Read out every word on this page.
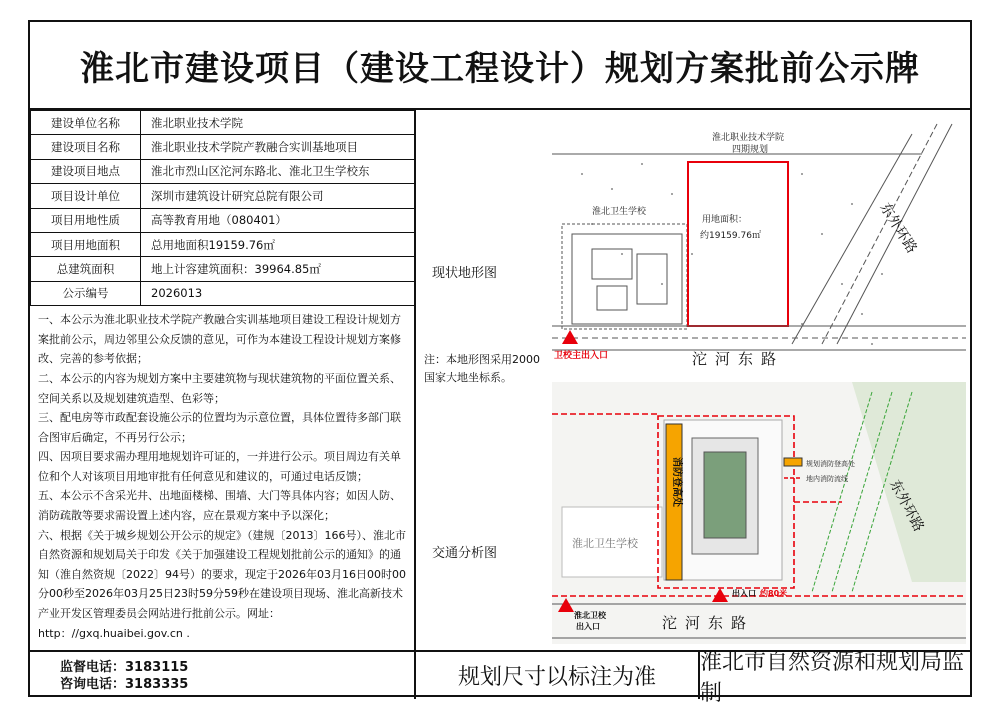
淮北市建设项目（建设工程设计）规划方案批前公示牌
建设单位名称	淮北职业技术学院
建设项目名称	淮北职业技术学院产教融合实训基地项目
建设项目地点	淮北市烈山区沱河东路北、淮北卫生学校东
项目设计单位	深圳市建筑设计研究总院有限公司
项目用地性质	高等教育用地（080401）
项目用地面积	总用地面积19159.76㎡
总建筑面积	地上计容建筑面积：39964.85㎡
公示编号	2026013

一、本公示为淮北职业技术学院产教融合实训基地项目建设工程设计规划方案批前公示，周边邻里公众反馈的意见，可作为本建设工程设计规划方案修改、完善的参考依据；

二、本公示的内容为规划方案中主要建筑物与现状建筑物的平面位置关系、空间关系以及规划建筑造型、色彩等；

三、配电房等市政配套设施公示的位置均为示意位置，具体位置待多部门联合图审后确定，不再另行公示；

四、因项目要求需办理用地规划许可证的，一并进行公示。项目周边有关单位和个人对该项目用地审批有任何意见和建议的，可通过电话反馈；

五、本公示不含采光井、出地面楼梯、围墙、大门等具体内容；如因人防、消防疏散等要求需设置上述内容，应在景观方案中予以深化；

六、根据《关于城乡规划公开公示的规定》（建规〔2013〕166号）、淮北市自然资源和规划局关于印发《关于加强建设工程规划批前公示的通知》的通知（淮自然资规〔2022〕94号）的要求，现定于2026年03月16日00时00分00秒至2026年03月25日23时59分59秒在建设项目现场、淮北高新技术产业开发区管理委员会网站进行批前公示。网址：http：//gxq.huaibei.gov.cn .

现状地形图
注：本地形图采用2000国家大地坐标系。
交通分析图
淮北卫生学校
淮北职业技术学院
四期规划
用地面积：
约19159.76㎡	东外环路
沱河东路
卫校主出入口
淮北卫生学校
消防登高处	规划消防登高处
地内消防流线	东外环路
沱河东路
淮北卫校
出入口
出入口 约80米
监督电话：3183115
咨询电话：3183335	规划尺寸以标注为准
淮北市自然资源和规划局监制
